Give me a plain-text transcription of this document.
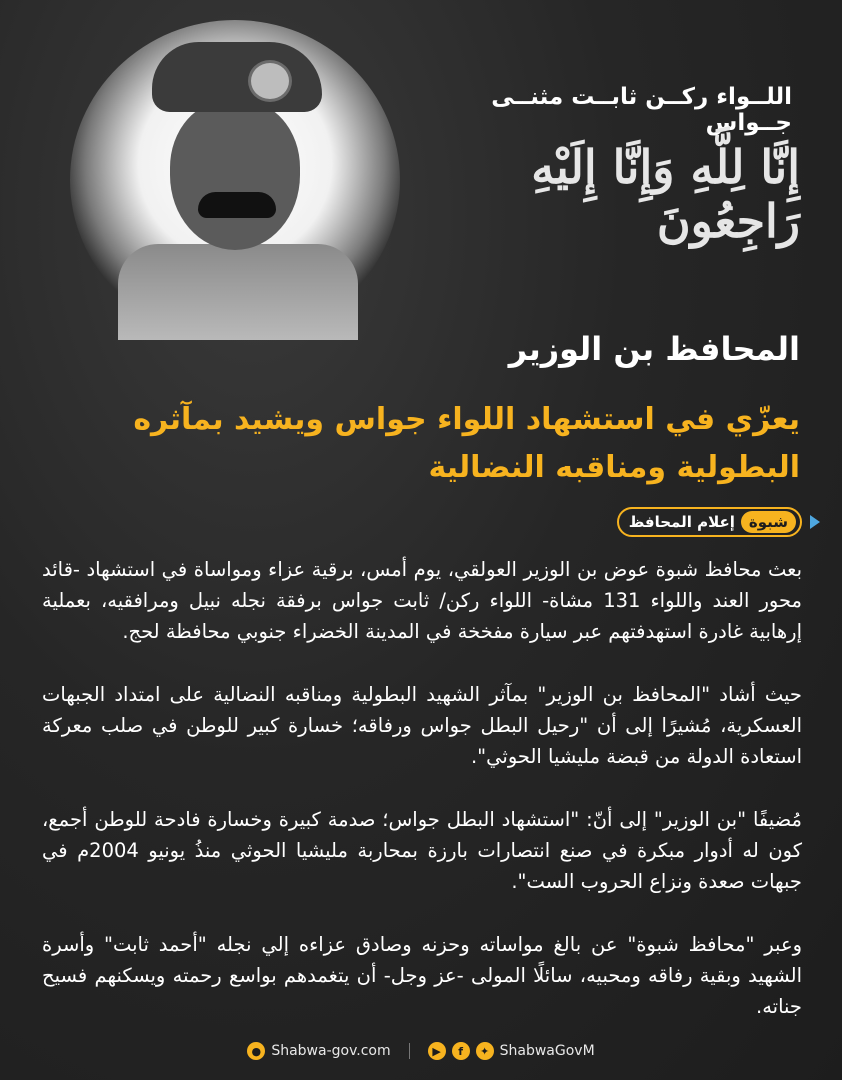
اللــواء ركــن ثابــت مثنــى جــواس
إِنَّا لِلَّهِ وَإِنَّا إِلَيْهِ رَاجِعُونَ
المحافظ بن الوزير
يعزّي في استشهاد اللواء جواس ويشيد بمآثره
البطولية ومناقبه النضالية
شبوة
إعلام المحافظ

بعث محافظ شبوة عوض بن الوزير العولقي، يوم أمس، برقية عزاء ومواساة في استشهاد -قائد محور العند واللواء 131 مشاة- اللواء ركن/ ثابت جواس برفقة نجله نبيل ومرافقيه، بعملية إرهابية غادرة استهدفتهم عبر سيارة مفخخة في المدينة الخضراء جنوبي محافظة لحج.

حيث أشاد "المحافظ بن الوزير" بمآثر الشهيد البطولية ومناقبه النضالية على امتداد الجبهات العسكرية، مُشيرًا إلى أن "رحيل البطل جواس ورفاقه؛ خسارة كبير للوطن في صلب معركة استعادة الدولة من قبضة مليشيا الحوثي".

مُضيفًا "بن الوزير" إلى أنّ: "استشهاد البطل جواس؛ صدمة كبيرة وخسارة فادحة للوطن أجمع، كون له أدوار مبكرة في صنع انتصارات بارزة بمحاربة مليشيا الحوثي منذُ يونيو 2004م في جبهات صعدة ونزاع الحروب الست".

وعبر "محافظ شبوة" عن بالغ مواساته وحزنه وصادق عزاءه إلي نجله "أحمد ثابت" وأسرة الشهيد وبقية رفاقه ومحبيه، سائلًا المولى -عز وجل- أن يتغمدهم بواسع رحمته ويسكنهم فسيح جناته.

● Shabwa-gov.com	▶	f	✦ ShabwaGovM
